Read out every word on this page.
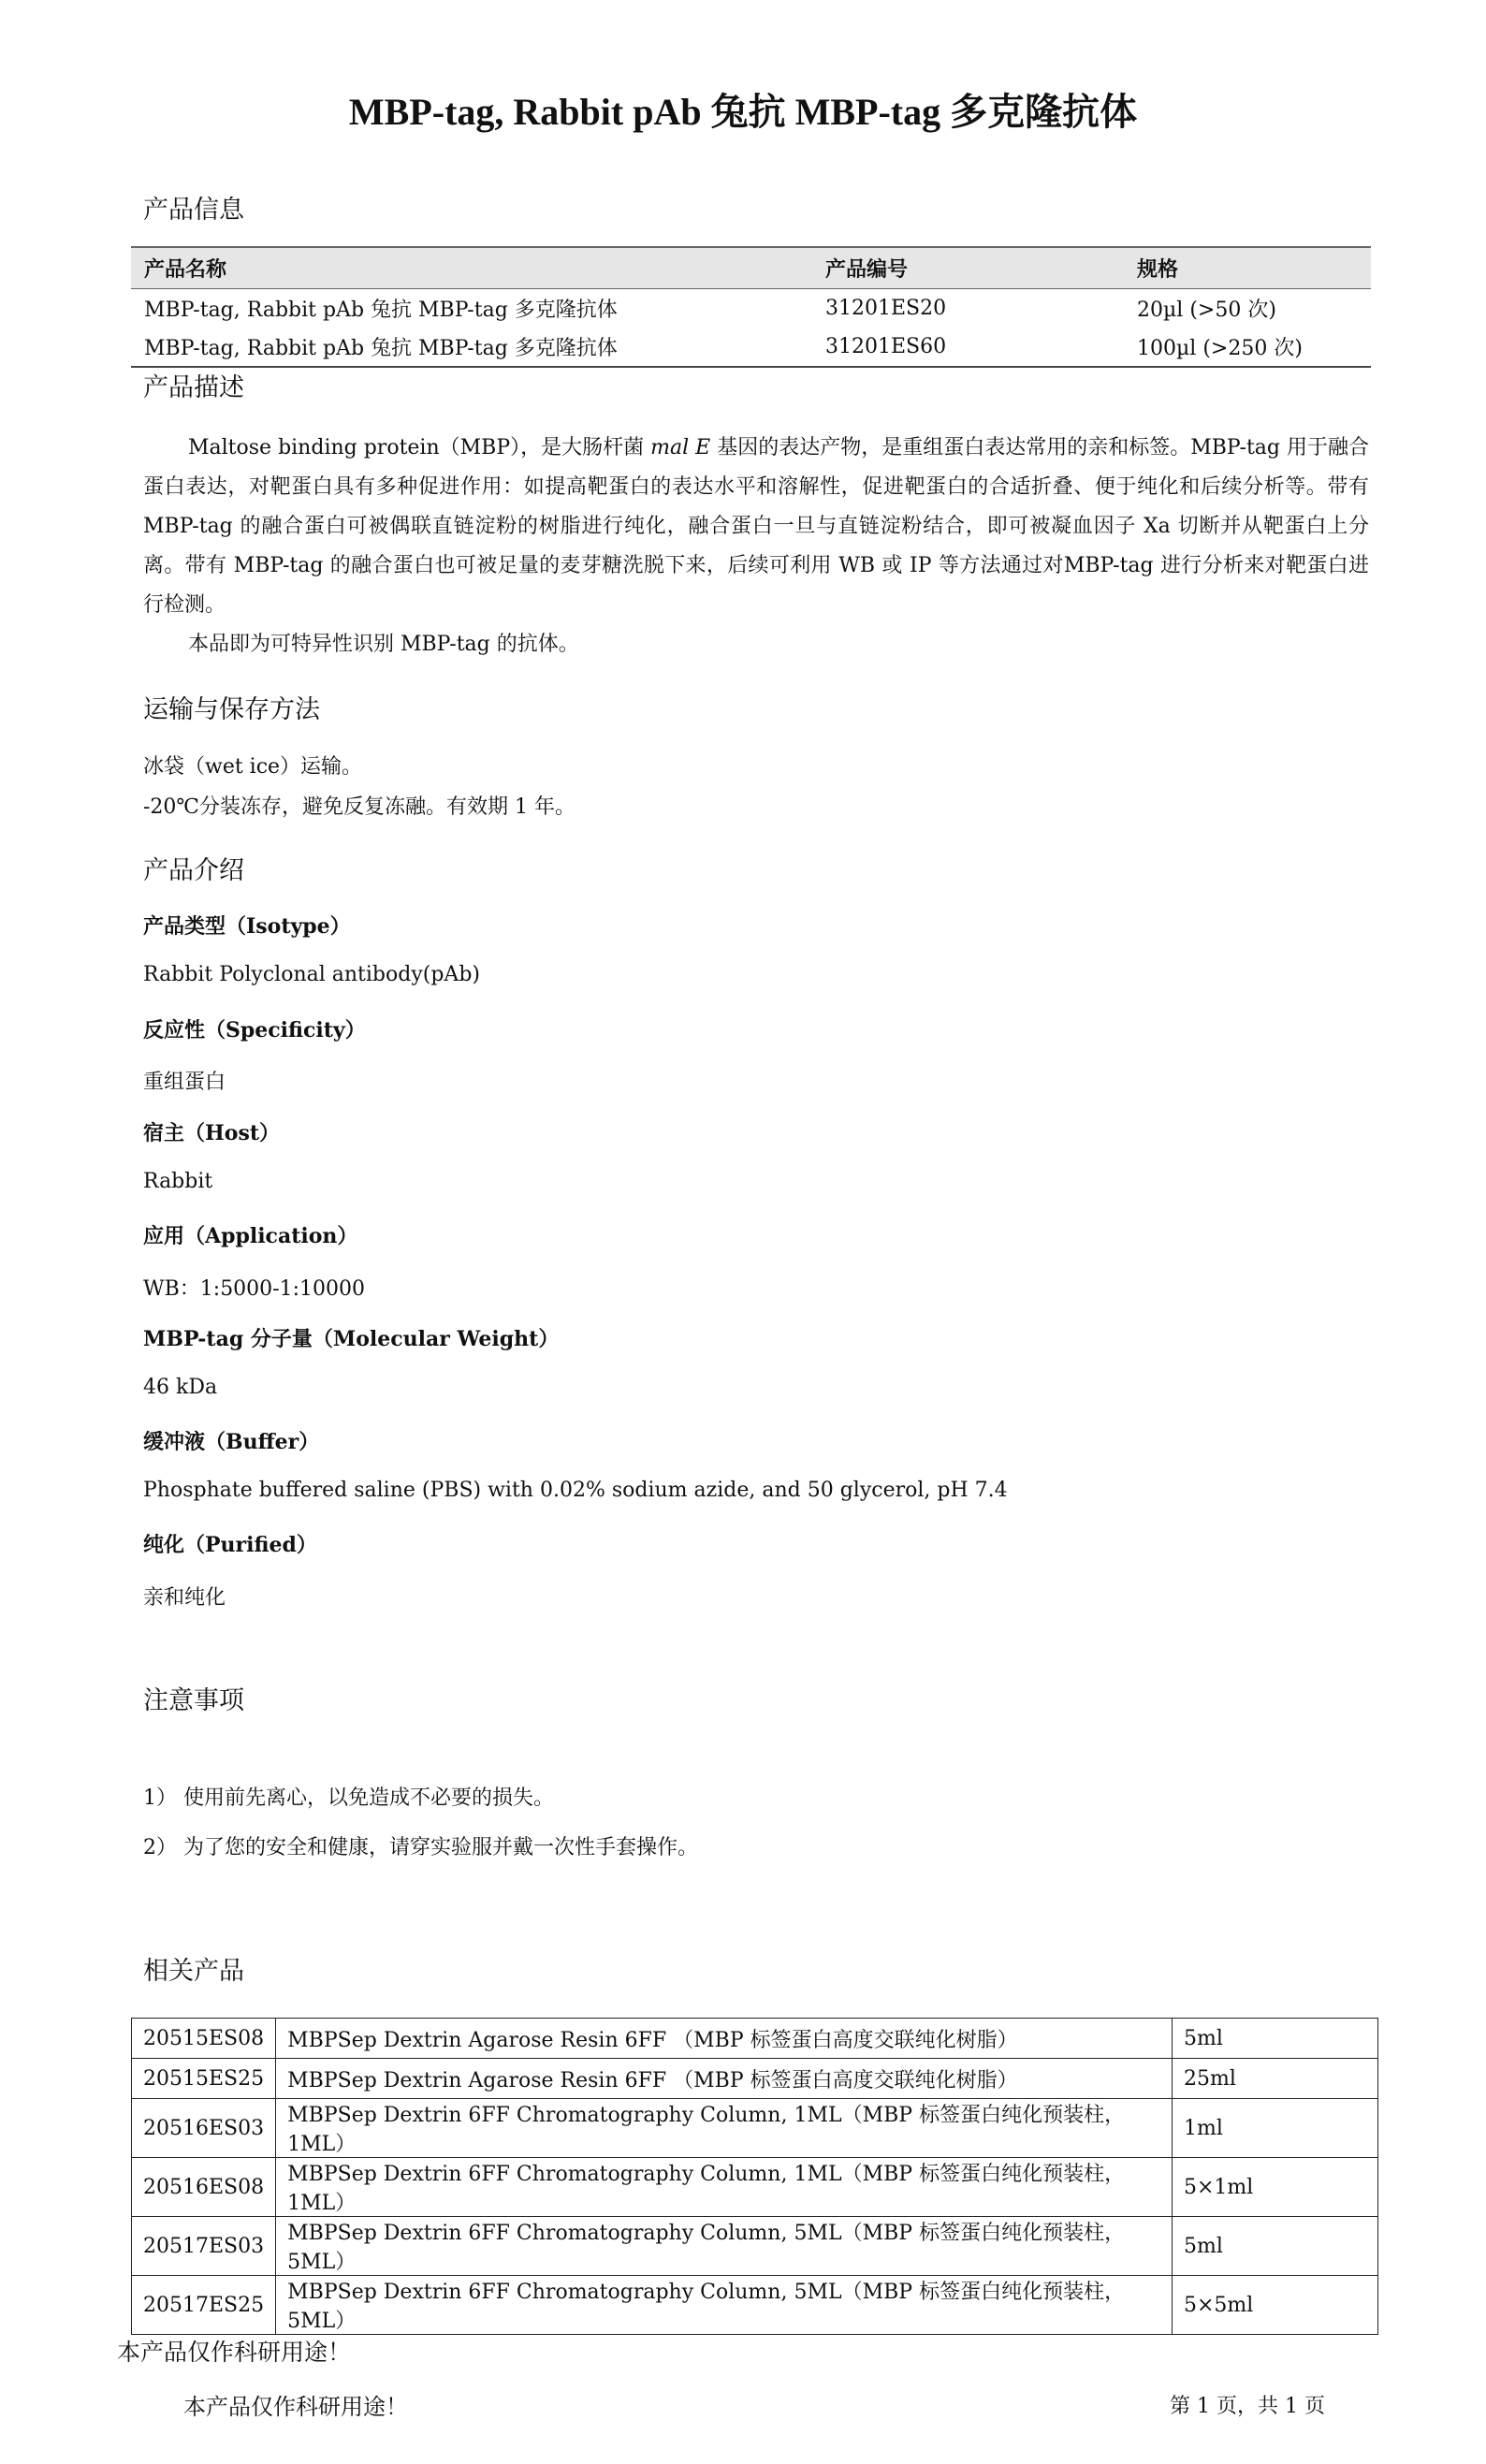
MBP-tag, Rabbit pAb 兔抗 MBP-tag 多克隆抗体
产品信息
产品名称	产品编号	规格
MBP-tag, Rabbit pAb 兔抗 MBP-tag 多克隆抗体	31201ES20	20µl (>50 次)
MBP-tag, Rabbit pAb 兔抗 MBP-tag 多克隆抗体	31201ES60	100µl (>250 次)
产品描述

Maltose binding protein（MBP），是大肠杆菌 mal E 基因的表达产物，是重组蛋白表达常用的亲和标签。MBP-tag 用于融合蛋白表达，对靶蛋白具有多种促进作用：如提高靶蛋白的表达水平和溶解性，促进靶蛋白的合适折叠、便于纯化和后续分析等。带有 MBP-tag 的融合蛋白可被偶联直链淀粉的树脂进行纯化，融合蛋白一旦与直链淀粉结合，即可被凝血因子 Xa 切断并从靶蛋白上分离。带有 MBP-tag 的融合蛋白也可被足量的麦芽糖洗脱下来，后续可利用 WB 或 IP 等方法通过对MBP-tag 进行分析来对靶蛋白进行检测。

本品即为可特异性识别 MBP-tag 的抗体。

运输与保存方法
冰袋（wet ice）运输。
-20℃分装冻存，避免反复冻融。有效期 1 年。
产品介绍
产品类型（Isotype）
Rabbit Polyclonal antibody(pAb)
反应性（Specificity）
重组蛋白
宿主（Host）
Rabbit
应用（Application）
WB：1:5000-1:10000
MBP-tag 分子量（Molecular Weight）
46 kDa
缓冲液（Buffer）
Phosphate buffered saline (PBS) with 0.02% sodium azide, and 50 glycerol, pH 7.4
纯化（Purified）
亲和纯化
注意事项
1） 使用前先离心，以免造成不必要的损失。
2） 为了您的安全和健康，请穿实验服并戴一次性手套操作。
相关产品
20515ES08	MBPSep Dextrin Agarose Resin 6FF （MBP 标签蛋白高度交联纯化树脂）	5ml
20515ES25	MBPSep Dextrin Agarose Resin 6FF （MBP 标签蛋白高度交联纯化树脂）	25ml
20516ES03	MBPSep Dextrin 6FF Chromatography Column, 1ML（MBP 标签蛋白纯化预装柱，1ML）	1ml
20516ES08	MBPSep Dextrin 6FF Chromatography Column, 1ML（MBP 标签蛋白纯化预装柱，1ML）	5×1ml
20517ES03	MBPSep Dextrin 6FF Chromatography Column, 5ML（MBP 标签蛋白纯化预装柱，5ML）	5ml
20517ES25	MBPSep Dextrin 6FF Chromatography Column, 5ML（MBP 标签蛋白纯化预装柱，5ML）	5×5ml
本产品仅作科研用途！
本产品仅作科研用途！	第 1 页，共 1 页
